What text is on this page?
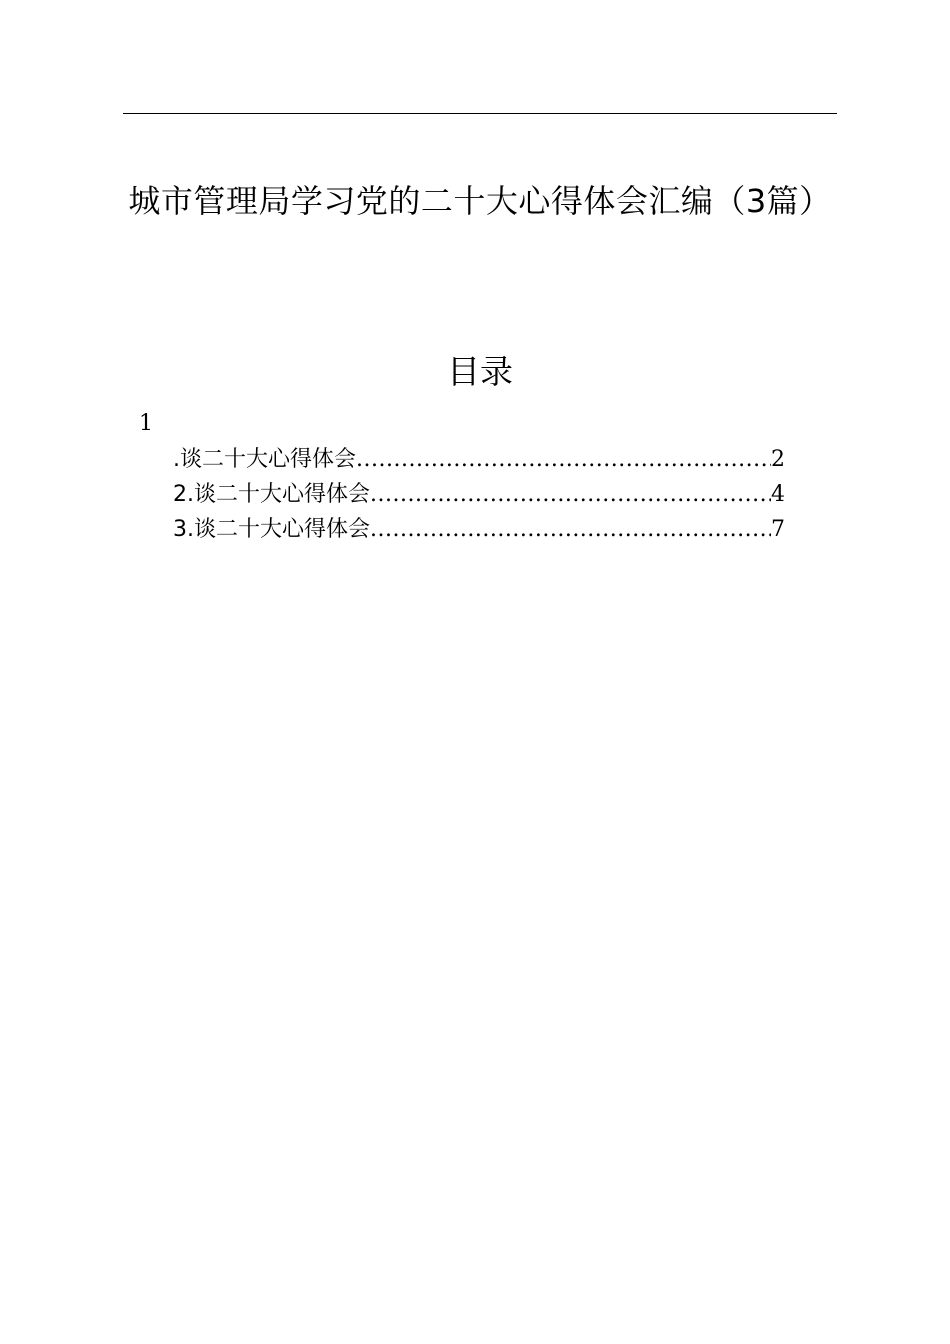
城市管理局学习党的二十大心得体会汇编（3篇）
目录
1
.谈二十大心得体会 .....	2
2.谈二十大心得体会 .....	4
3.谈二十大心得体会 .....	7
